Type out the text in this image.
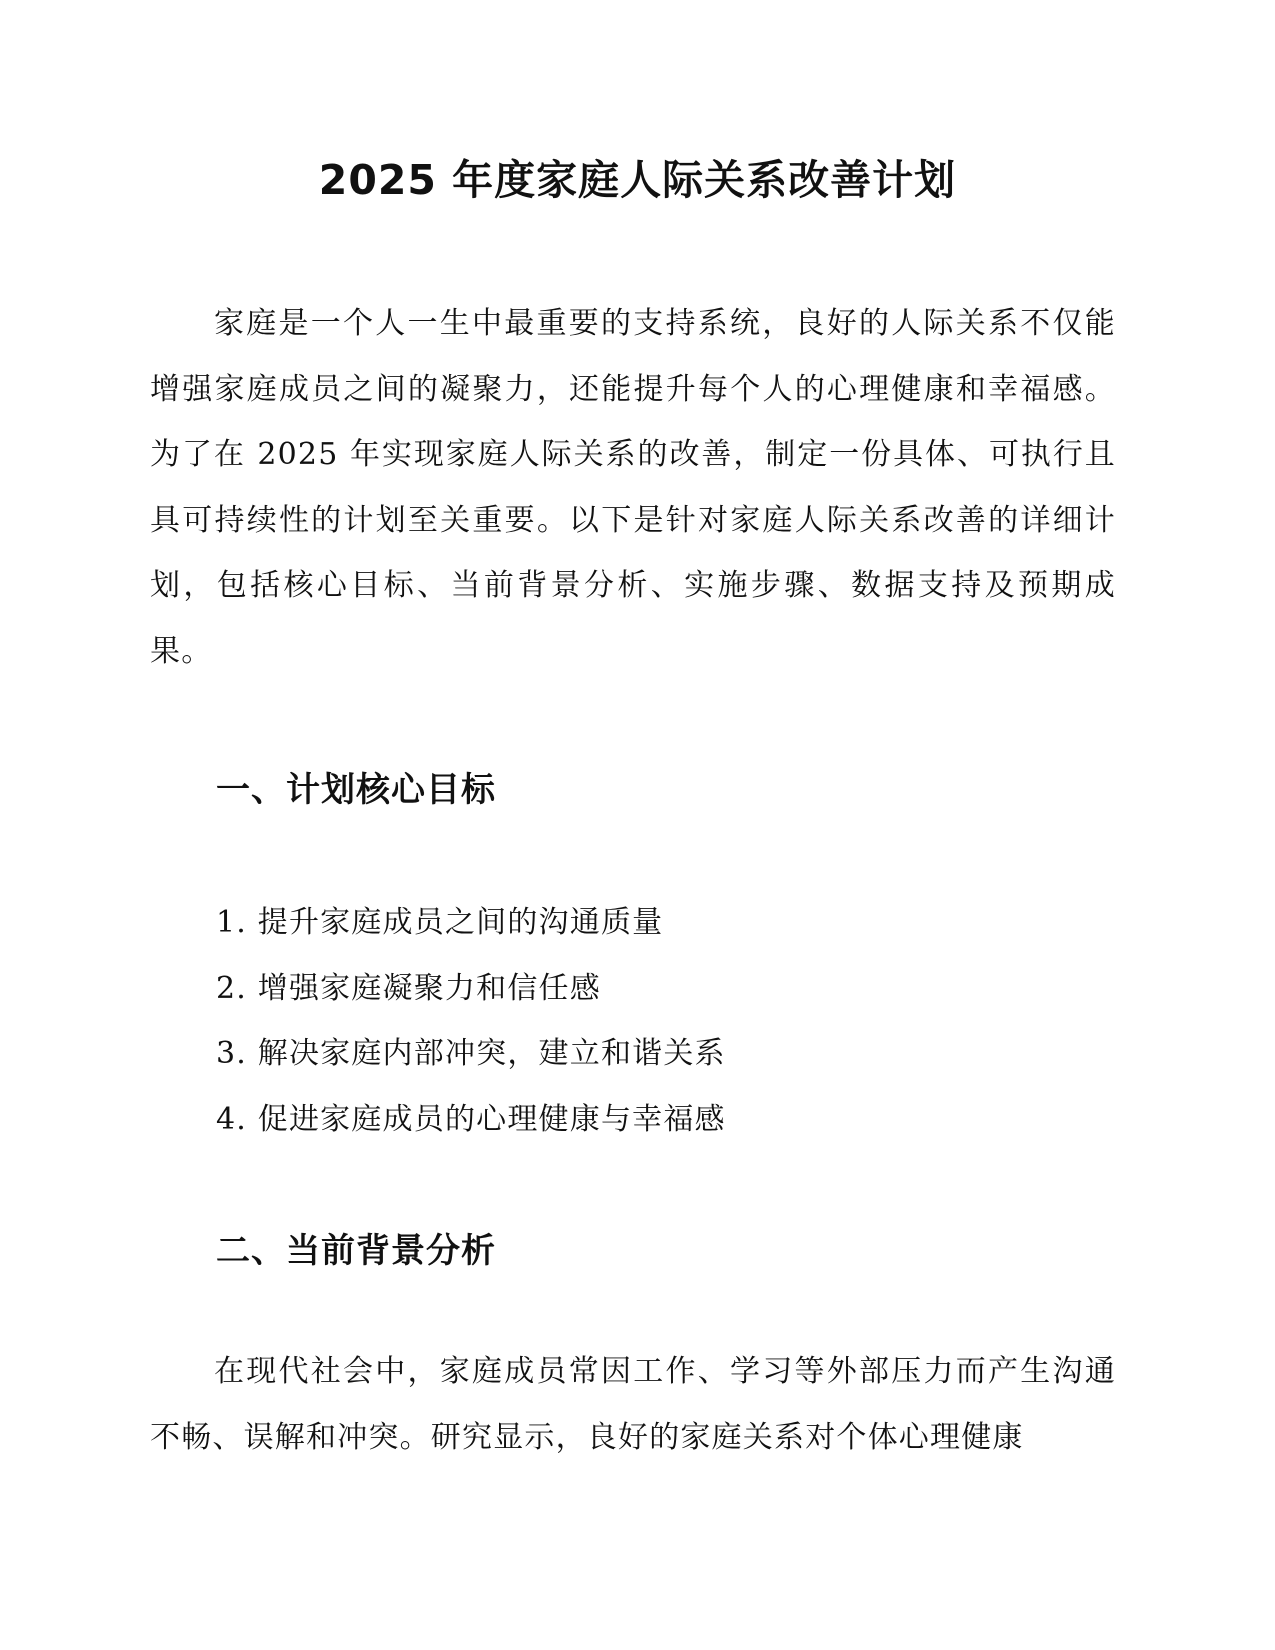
2025 年度家庭人际关系改善计划

家庭是一个人一生中最重要的支持系统，良好的人际关系不仅能增强家庭成员之间的凝聚力，还能提升每个人的心理健康和幸福感。为了在 2025 年实现家庭人际关系的改善，制定一份具体、可执行且具可持续性的计划至关重要。以下是针对家庭人际关系改善的详细计划，包括核心目标、当前背景分析、实施步骤、数据支持及预期成果。

一、计划核心目标
1. 提升家庭成员之间的沟通质量
2. 增强家庭凝聚力和信任感
3. 解决家庭内部冲突，建立和谐关系
4. 促进家庭成员的心理健康与幸福感
二、当前背景分析

在现代社会中，家庭成员常因工作、学习等外部压力而产生沟通不畅、误解和冲突。研究显示，良好的家庭关系对个体心理健康
